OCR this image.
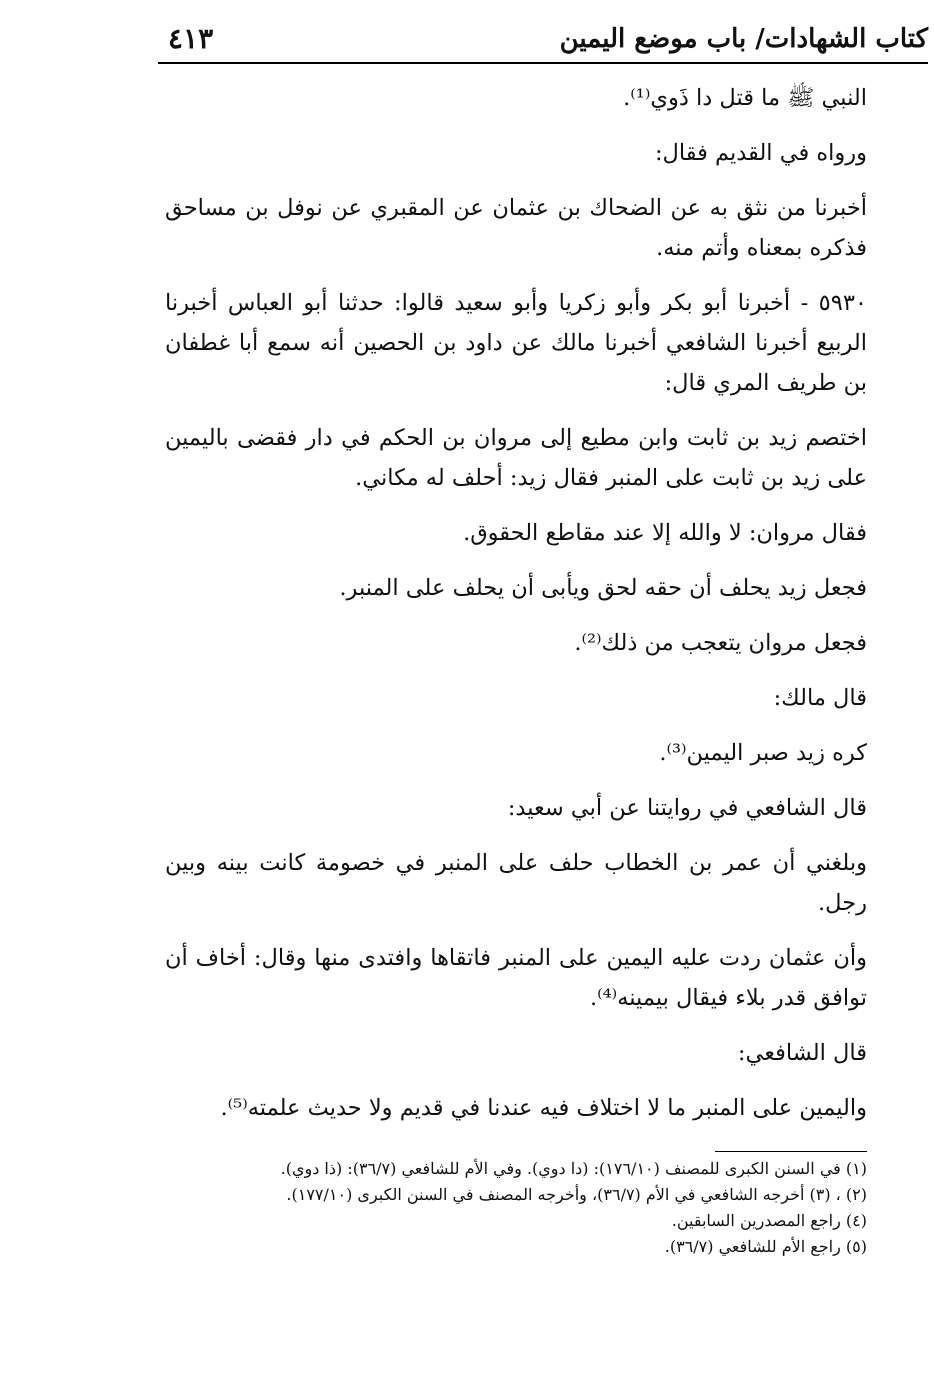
كتاب الشهادات/ باب موضع اليمين
٤١٣

النبي ﷺ ما قتل دا ذَوي⁽¹⁾.

ورواه في القديم فقال:

أخبرنا من نثق به عن الضحاك بن عثمان عن المقبري عن نوفل بن مساحق فذكره بمعناه وأتم منه.

٥٩٣٠ - أخبرنا أبو بكر وأبو زكريا وأبو سعيد قالوا: حدثنا أبو العباس أخبرنا الربيع أخبرنا الشافعي أخبرنا مالك عن داود بن الحصين أنه سمع أبا غطفان بن طريف المري قال:

اختصم زيد بن ثابت وابن مطيع إلى مروان بن الحكم في دار فقضى باليمين على زيد بن ثابت على المنبر فقال زيد: أحلف له مكاني.

فقال مروان: لا والله إلا عند مقاطع الحقوق.

فجعل زيد يحلف أن حقه لحق ويأبى أن يحلف على المنبر.

فجعل مروان يتعجب من ذلك⁽²⁾.

قال مالك:

كره زيد صبر اليمين⁽³⁾.

قال الشافعي في روايتنا عن أبي سعيد:

وبلغني أن عمر بن الخطاب حلف على المنبر في خصومة كانت بينه وبين رجل.

وأن عثمان ردت عليه اليمين على المنبر فاتقاها وافتدى منها وقال: أخاف أن توافق قدر بلاء فيقال بيمينه⁽⁴⁾.

قال الشافعي:

واليمين على المنبر ما لا اختلاف فيه عندنا في قديم ولا حديث علمته⁽⁵⁾.

(١) في السنن الكبرى للمصنف (١٧٦/١٠): (دا دوي). وفي الأم للشافعي (٣٦/٧): (ذا دوي).

(٢) ، (٣) أخرجه الشافعي في الأم (٣٦/٧)، وأخرجه المصنف في السنن الكبرى (١٧٧/١٠).

(٤) راجع المصدرين السابقين.

(٥) راجع الأم للشافعي (٣٦/٧).
